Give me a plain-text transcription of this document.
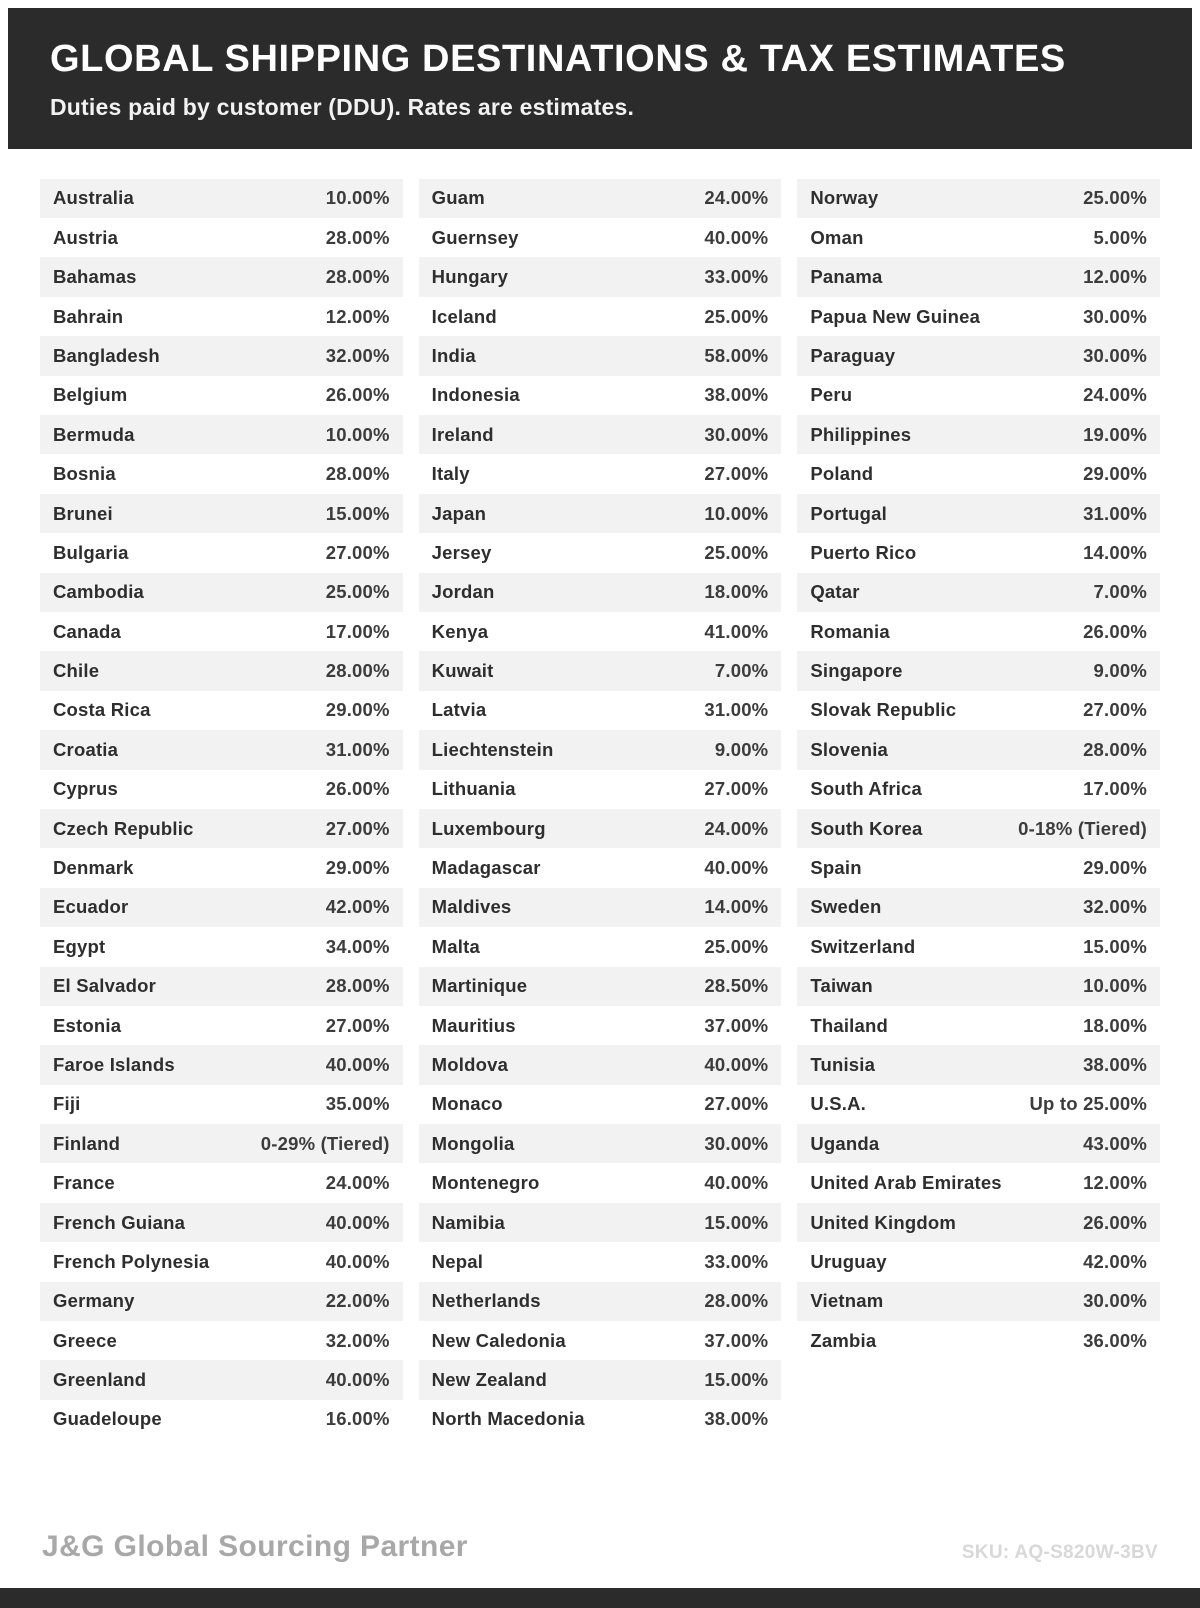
GLOBAL SHIPPING DESTINATIONS & TAX ESTIMATES
Duties paid by customer (DDU). Rates are estimates.
Australia	10.00%
Austria	28.00%
Bahamas	28.00%
Bahrain	12.00%
Bangladesh	32.00%
Belgium	26.00%
Bermuda	10.00%
Bosnia	28.00%
Brunei	15.00%
Bulgaria	27.00%
Cambodia	25.00%
Canada	17.00%
Chile	28.00%
Costa Rica	29.00%
Croatia	31.00%
Cyprus	26.00%
Czech Republic	27.00%
Denmark	29.00%
Ecuador	42.00%
Egypt	34.00%
El Salvador	28.00%
Estonia	27.00%
Faroe Islands	40.00%
Fiji	35.00%
Finland	0-29% (Tiered)
France	24.00%
French Guiana	40.00%
French Polynesia	40.00%
Germany	22.00%
Greece	32.00%
Greenland	40.00%
Guadeloupe	16.00%
Guam	24.00%
Guernsey	40.00%
Hungary	33.00%
Iceland	25.00%
India	58.00%
Indonesia	38.00%
Ireland	30.00%
Italy	27.00%
Japan	10.00%
Jersey	25.00%
Jordan	18.00%
Kenya	41.00%
Kuwait	7.00%
Latvia	31.00%
Liechtenstein	9.00%
Lithuania	27.00%
Luxembourg	24.00%
Madagascar	40.00%
Maldives	14.00%
Malta	25.00%
Martinique	28.50%
Mauritius	37.00%
Moldova	40.00%
Monaco	27.00%
Mongolia	30.00%
Montenegro	40.00%
Namibia	15.00%
Nepal	33.00%
Netherlands	28.00%
New Caledonia	37.00%
New Zealand	15.00%
North Macedonia	38.00%
Norway	25.00%
Oman	5.00%
Panama	12.00%
Papua New Guinea	30.00%
Paraguay	30.00%
Peru	24.00%
Philippines	19.00%
Poland	29.00%
Portugal	31.00%
Puerto Rico	14.00%
Qatar	7.00%
Romania	26.00%
Singapore	9.00%
Slovak Republic	27.00%
Slovenia	28.00%
South Africa	17.00%
South Korea	0-18% (Tiered)
Spain	29.00%
Sweden	32.00%
Switzerland	15.00%
Taiwan	10.00%
Thailand	18.00%
Tunisia	38.00%
U.S.A.	Up to 25.00%
Uganda	43.00%
United Arab Emirates	12.00%
United Kingdom	26.00%
Uruguay	42.00%
Vietnam	30.00%
Zambia	36.00%
J&G Global Sourcing Partner	SKU: AQ-S820W-3BV
